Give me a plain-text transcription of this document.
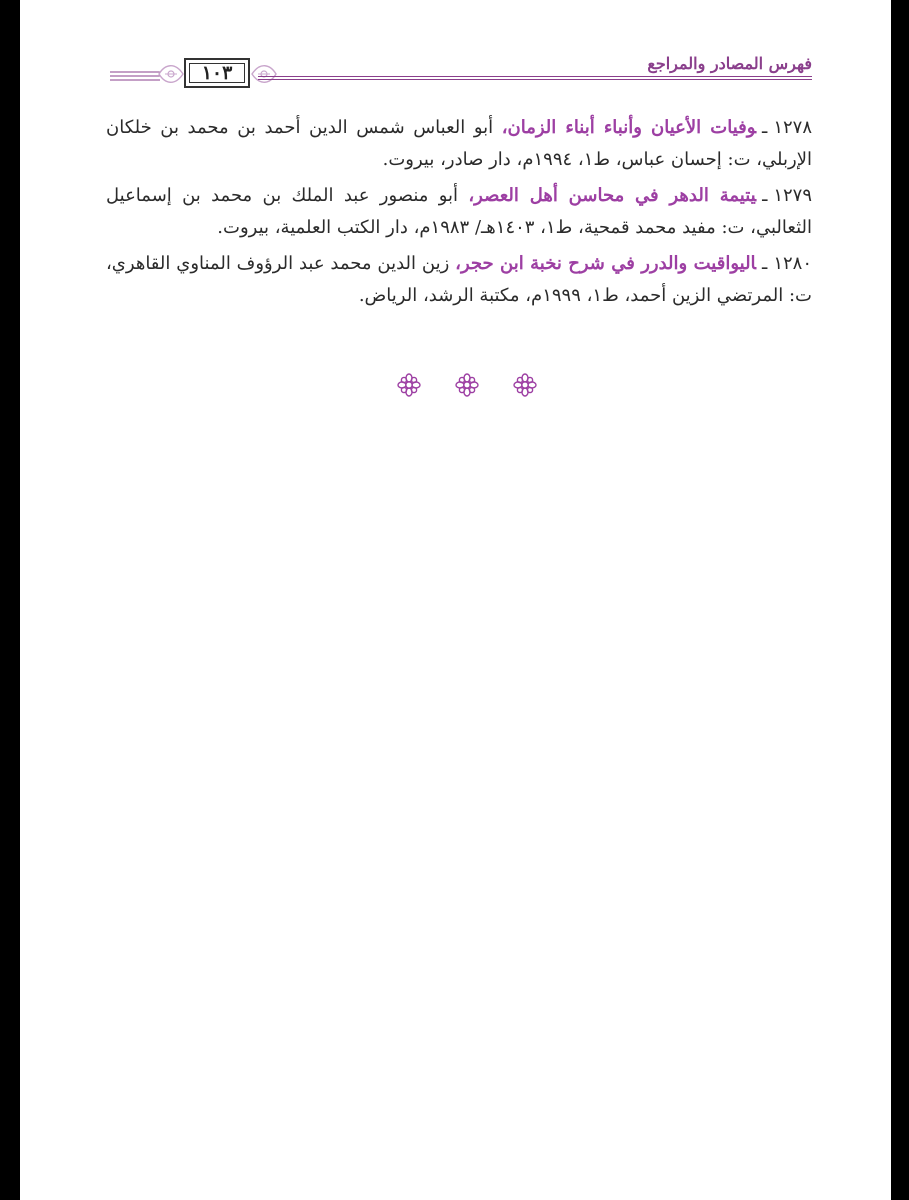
١٠٣	فهرس المصادر والمراجع

١٢٧٨ـوفيات الأعيان وأنباء أبناء الزمان، أبو العباس شمس الدين أحمد بن محمد بن خلكان الإربلي، ت: إحسان عباس، ط١، ١٩٩٤م، دار صادر، بيروت.

١٢٧٩ـيتيمة الدهر في محاسن أهل العصر، أبو منصور عبد الملك بن محمد بن إسماعيل الثعالبي، ت: مفيد محمد قمحية، ط١، ١٤٠٣هـ/ ١٩٨٣م، دار الكتب العلمية، بيروت.

١٢٨٠ـاليواقيت والدرر في شرح نخبة ابن حجر، زين الدين محمد عبد الرؤوف المناوي القاهري، ت: المرتضي الزين أحمد، ط١، ١٩٩٩م، مكتبة الرشد، الرياض.
